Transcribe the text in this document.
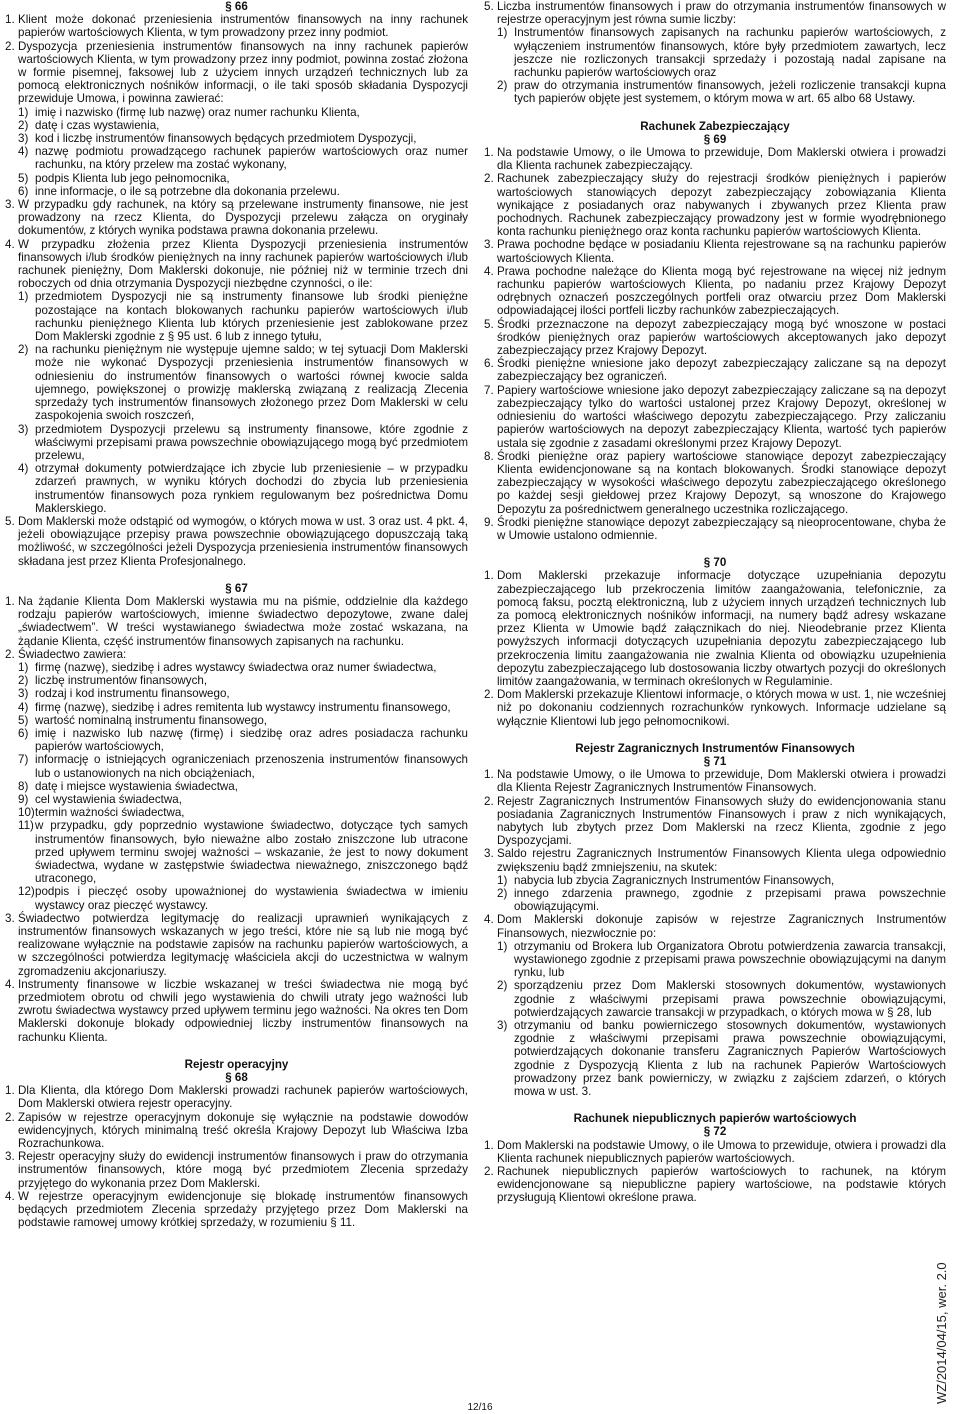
§ 66
1. Klient może dokonać przeniesienia instrumentów finansowych na inny rachunek papierów wartościowych Klienta, w tym prowadzony przez inny podmiot.
2. Dyspozycja przeniesienia instrumentów finansowych na inny rachunek papierów wartościowych Klienta, w tym prowadzony przez inny podmiot, powinna zostać złożona w formie pisemnej, faksowej lub z użyciem innych urządzeń technicznych lub za pomocą elektronicznych nośników informacji, o ile taki sposób składania Dyspozycji przewiduje Umowa, i powinna zawierać:
1) imię i nazwisko (firmę lub nazwę) oraz numer rachunku Klienta,
2) datę i czas wystawienia,
3) kod i liczbę instrumentów finansowych będących przedmiotem Dyspozycji,
4) nazwę podmiotu prowadzącego rachunek papierów wartościowych oraz numer rachunku, na który przelew ma zostać wykonany,
5) podpis Klienta lub jego pełnomocnika,
6) inne informacje, o ile są potrzebne dla dokonania przelewu.
3. W przypadku gdy rachunek, na który są przelewane instrumenty finansowe, nie jest prowadzony na rzecz Klienta, do Dyspozycji przelewu załącza on oryginały dokumentów, z których wynika podstawa prawna dokonania przelewu.
4. W przypadku złożenia przez Klienta Dyspozycji przeniesienia instrumentów finansowych i/lub środków pieniężnych na inny rachunek papierów wartościowych i/lub rachunek pieniężny, Dom Maklerski dokonuje, nie później niż w terminie trzech dni roboczych od dnia otrzymania Dyspozycji niezbędne czynności, o ile:
1) przedmiotem Dyspozycji nie są instrumenty finansowe lub środki pieniężne pozostające na kontach blokowanych rachunku papierów wartościowych i/lub rachunku pieniężnego Klienta lub których przeniesienie jest zablokowane przez Dom Maklerski zgodnie z § 95 ust. 6 lub z innego tytułu,
2) na rachunku pieniężnym nie występuje ujemne saldo; w tej sytuacji Dom Maklerski może nie wykonać Dyspozycji przeniesienia instrumentów finansowych w odniesieniu do instrumentów finansowych o wartości równej kwocie salda ujemnego, powiększonej o prowizję maklerską związaną z realizacją Zlecenia sprzedaży tych instrumentów finansowych złożonego przez Dom Maklerski w celu zaspokojenia swoich roszczeń,
3) przedmiotem Dyspozycji przelewu są instrumenty finansowe, które zgodnie z właściwymi przepisami prawa powszechnie obowiązującego mogą być przedmiotem przelewu,
4) otrzymał dokumenty potwierdzające ich zbycie lub przeniesienie – w przypadku zdarzeń prawnych, w wyniku których dochodzi do zbycia lub przeniesienia instrumentów finansowych poza rynkiem regulowanym bez pośrednictwa Domu Maklerskiego.
5. Dom Maklerski może odstąpić od wymogów, o których mowa w ust. 3 oraz ust. 4 pkt. 4, jeżeli obowiązujące przepisy prawa powszechnie obowiązującego dopuszczają taką możliwość, w szczególności jeżeli Dyspozycja przeniesienia instrumentów finansowych składana jest przez Klienta Profesjonalnego.
§ 67
1. Na żądanie Klienta Dom Maklerski wystawia mu na piśmie, oddzielnie dla każdego rodzaju papierów wartościowych, imienne świadectwo depozytowe, zwane dalej „świadectwem”. W treści wystawianego świadectwa może zostać wskazana, na żądanie Klienta, część instrumentów finansowych zapisanych na rachunku.
2. Świadectwo zawiera:
1) firmę (nazwę), siedzibę i adres wystawcy świadectwa oraz numer świadectwa,
2) liczbę instrumentów finansowych,
3) rodzaj i kod instrumentu finansowego,
4) firmę (nazwę), siedzibę i adres remitenta lub wystawcy instrumentu finansowego,
5) wartość nominalną instrumentu finansowego,
6) imię i nazwisko lub nazwę (firmę) i siedzibę oraz adres posiadacza rachunku papierów wartościowych,
7) informację o istniejących ograniczeniach przenoszenia instrumentów finansowych lub o ustanowionych na nich obciążeniach,
8) datę i miejsce wystawienia świadectwa,
9) cel wystawienia świadectwa,
10) termin ważności świadectwa,
11) w przypadku, gdy poprzednio wystawione świadectwo, dotyczące tych samych instrumentów finansowych, było nieważne albo zostało zniszczone lub utracone przed upływem terminu swojej ważności – wskazanie, że jest to nowy dokument świadectwa, wydane w zastępstwie świadectwa nieważnego, zniszczonego bądź utraconego,
12) podpis i pieczęć osoby upoważnionej do wystawienia świadectwa w imieniu wystawcy oraz pieczęć wystawcy.
3. Świadectwo potwierdza legitymację do realizacji uprawnień wynikających z instrumentów finansowych wskazanych w jego treści, które nie są lub nie mogą być realizowane wyłącznie na podstawie zapisów na rachunku papierów wartościowych, a w szczególności potwierdza legitymację właściciela akcji do uczestnictwa w walnym zgromadzeniu akcjonariuszy.
4. Instrumenty finansowe w liczbie wskazanej w treści świadectwa nie mogą być przedmiotem obrotu od chwili jego wystawienia do chwili utraty jego ważności lub zwrotu świadectwa wystawcy przed upływem terminu jego ważności. Na okres ten Dom Maklerski dokonuje blokady odpowiedniej liczby instrumentów finansowych na rachunku Klienta.
Rejestr operacyjny
§ 68
1. Dla Klienta, dla którego Dom Maklerski prowadzi rachunek papierów wartościowych, Dom Maklerski otwiera rejestr operacyjny.
2. Zapisów w rejestrze operacyjnym dokonuje się wyłącznie na podstawie dowodów ewidencyjnych, których minimalną treść określa Krajowy Depozyt lub Właściwa Izba Rozrachunkowa.
3. Rejestr operacyjny służy do ewidencji instrumentów finansowych i praw do otrzymania instrumentów finansowych, które mogą być przedmiotem Zlecenia sprzedaży przyjętego do wykonania przez Dom Maklerski.
4. W rejestrze operacyjnym ewidencjonuje się blokadę instrumentów finansowych będących przedmiotem Zlecenia sprzedaży przyjętego przez Dom Maklerski na podstawie ramowej umowy krótkiej sprzedaży, w rozumieniu § 11.
5. Liczba instrumentów finansowych i praw do otrzymania instrumentów finansowych w rejestrze operacyjnym jest równa sumie liczby:
1) Instrumentów finansowych zapisanych na rachunku papierów wartościowych, z wyłączeniem instrumentów finansowych, które były przedmiotem zawartych, lecz jeszcze nie rozliczonych transakcji sprzedaży i pozostają nadal zapisane na rachunku papierów wartościowych oraz
2) praw do otrzymania instrumentów finansowych, jeżeli rozliczenie transakcji kupna tych papierów objęte jest systemem, o którym mowa w art. 65 albo 68 Ustawy.
Rachunek Zabezpieczający
§ 69
1. Na podstawie Umowy, o ile Umowa to przewiduje, Dom Maklerski otwiera i prowadzi dla Klienta rachunek zabezpieczający.
2. Rachunek zabezpieczający służy do rejestracji środków pieniężnych i papierów wartościowych stanowiących depozyt zabezpieczający zobowiązania Klienta wynikające z posiadanych oraz nabywanych i zbywanych przez Klienta praw pochodnych. Rachunek zabezpieczający prowadzony jest w formie wyodrębnionego konta rachunku pieniężnego oraz konta rachunku papierów wartościowych Klienta.
3. Prawa pochodne będące w posiadaniu Klienta rejestrowane są na rachunku papierów wartościowych Klienta.
4. Prawa pochodne należące do Klienta mogą być rejestrowane na więcej niż jednym rachunku papierów wartościowych Klienta, po nadaniu przez Krajowy Depozyt odrębnych oznaczeń poszczególnych portfeli oraz otwarciu przez Dom Maklerski odpowiadającej ilości portfeli liczby rachunków zabezpieczających.
5. Środki przeznaczone na depozyt zabezpieczający mogą być wnoszone w postaci środków pieniężnych oraz papierów wartościowych akceptowanych jako depozyt zabezpieczający przez Krajowy Depozyt.
6. Środki pieniężne wniesione jako depozyt zabezpieczający zaliczane są na depozyt zabezpieczający bez ograniczeń.
7. Papiery wartościowe wniesione jako depozyt zabezpieczający zaliczane są na depozyt zabezpieczający tylko do wartości ustalonej przez Krajowy Depozyt, określonej w odniesieniu do wartości właściwego depozytu zabezpieczającego. Przy zaliczaniu papierów wartościowych na depozyt zabezpieczający Klienta, wartość tych papierów ustala się zgodnie z zasadami określonymi przez Krajowy Depozyt.
8. Środki pieniężne oraz papiery wartościowe stanowiące depozyt zabezpieczający Klienta ewidencjonowane są na kontach blokowanych. Środki stanowiące depozyt zabezpieczający w wysokości właściwego depozytu zabezpieczającego określonego po każdej sesji giełdowej przez Krajowy Depozyt, są wnoszone do Krajowego Depozytu za pośrednictwem generalnego uczestnika rozliczającego.
9. Środki pieniężne stanowiące depozyt zabezpieczający są nieoprocentowane, chyba że w Umowie ustalono odmiennie.
§ 70
1. Dom Maklerski przekazuje informacje dotyczące uzupełniania depozytu zabezpieczającego lub przekroczenia limitów zaangażowania, telefonicznie, za pomocą faksu, pocztą elektroniczną, lub z użyciem innych urządzeń technicznych lub za pomocą elektronicznych nośników informacji, na numery bądź adresy wskazane przez Klienta w Umowie bądź załącznikach do niej. Nieodebranie przez Klienta powyższych informacji dotyczących uzupełniania depozytu zabezpieczającego lub przekroczenia limitu zaangażowania nie zwalnia Klienta od obowiązku uzupełnienia depozytu zabezpieczającego lub dostosowania liczby otwartych pozycji do określonych limitów zaangażowania, w terminach określonych w Regulaminie.
2. Dom Maklerski przekazuje Klientowi informacje, o których mowa w ust. 1, nie wcześniej niż po dokonaniu codziennych rozrachunków rynkowych. Informacje udzielane są wyłącznie Klientowi lub jego pełnomocnikowi.
Rejestr Zagranicznych Instrumentów Finansowych
§ 71
1. Na podstawie Umowy, o ile Umowa to przewiduje, Dom Maklerski otwiera i prowadzi dla Klienta Rejestr Zagranicznych Instrumentów Finansowych.
2. Rejestr Zagranicznych Instrumentów Finansowych służy do ewidencjonowania stanu posiadania Zagranicznych Instrumentów Finansowych i praw z nich wynikających, nabytych lub zbytych przez Dom Maklerski na rzecz Klienta, zgodnie z jego Dyspozycjami.
3. Saldo rejestru Zagranicznych Instrumentów Finansowych Klienta ulega odpowiednio zwiększeniu bądź zmniejszeniu, na skutek:
1) nabycia lub zbycia Zagranicznych Instrumentów Finansowych,
2) innego zdarzenia prawnego, zgodnie z przepisami prawa powszechnie obowiązującymi.
4. Dom Maklerski dokonuje zapisów w rejestrze Zagranicznych Instrumentów Finansowych, niezwłocznie po:
1) otrzymaniu od Brokera lub Organizatora Obrotu potwierdzenia zawarcia transakcji, wystawionego zgodnie z przepisami prawa powszechnie obowiązującymi na danym rynku, lub
2) sporządzeniu przez Dom Maklerski stosownych dokumentów, wystawionych zgodnie z właściwymi przepisami prawa powszechnie obowiązującymi, potwierdzających zawarcie transakcji w przypadkach, o których mowa w § 28, lub
3) otrzymaniu od banku powierniczego stosownych dokumentów, wystawionych zgodnie z właściwymi przepisami prawa powszechnie obowiązującymi, potwierdzających dokonanie transferu Zagranicznych Papierów Wartościowych zgodnie z Dyspozycją Klienta z lub na rachunek Papierów Wartościowych prowadzony przez bank powierniczy, w związku z zajściem zdarzeń, o których mowa w ust. 3.
Rachunek niepublicznych papierów wartościowych
§ 72
1. Dom Maklerski na podstawie Umowy, o ile Umowa to przewiduje, otwiera i prowadzi dla Klienta rachunek niepublicznych papierów wartościowych.
2. Rachunek niepublicznych papierów wartościowych to rachunek, na którym ewidencjonowane są niepubliczne papiery wartościowe, na podstawie których przysługują Klientowi określone prawa.
12/16
WZ/2014/04/15, wer. 2.0
